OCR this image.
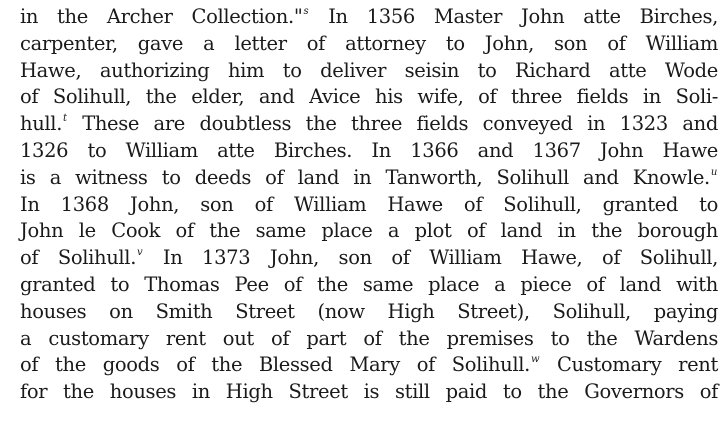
in the Archer Collection."$^s$ In 1356 Master John atte Birches,
carpenter, gave a letter of attorney to John, son of William
Hawe, authorizing him to deliver seisin to Richard atte Wode
of Solihull, the elder, and Avice his wife, of three fields in Soli-
hull.$^t$ These are doubtless the three fields conveyed in 1323 and
1326 to William atte Birches. In 1366 and 1367 John Hawe
is a witness to deeds of land in Tanworth, Solihull and Knowle.$^u$
In 1368 John, son of William Hawe of Solihull, granted to
John le Cook of the same place a plot of land in the borough
of Solihull.$^v$ In 1373 John, son of William Hawe, of Solihull,
granted to Thomas Pee of the same place a piece of land with
houses on Smith Street (now High Street), Solihull, paying
a customary rent out of part of the premises to the Wardens
of the goods of the Blessed Mary of Solihull.$^w$ Customary rent
for the houses in High Street is still paid to the Governors of
